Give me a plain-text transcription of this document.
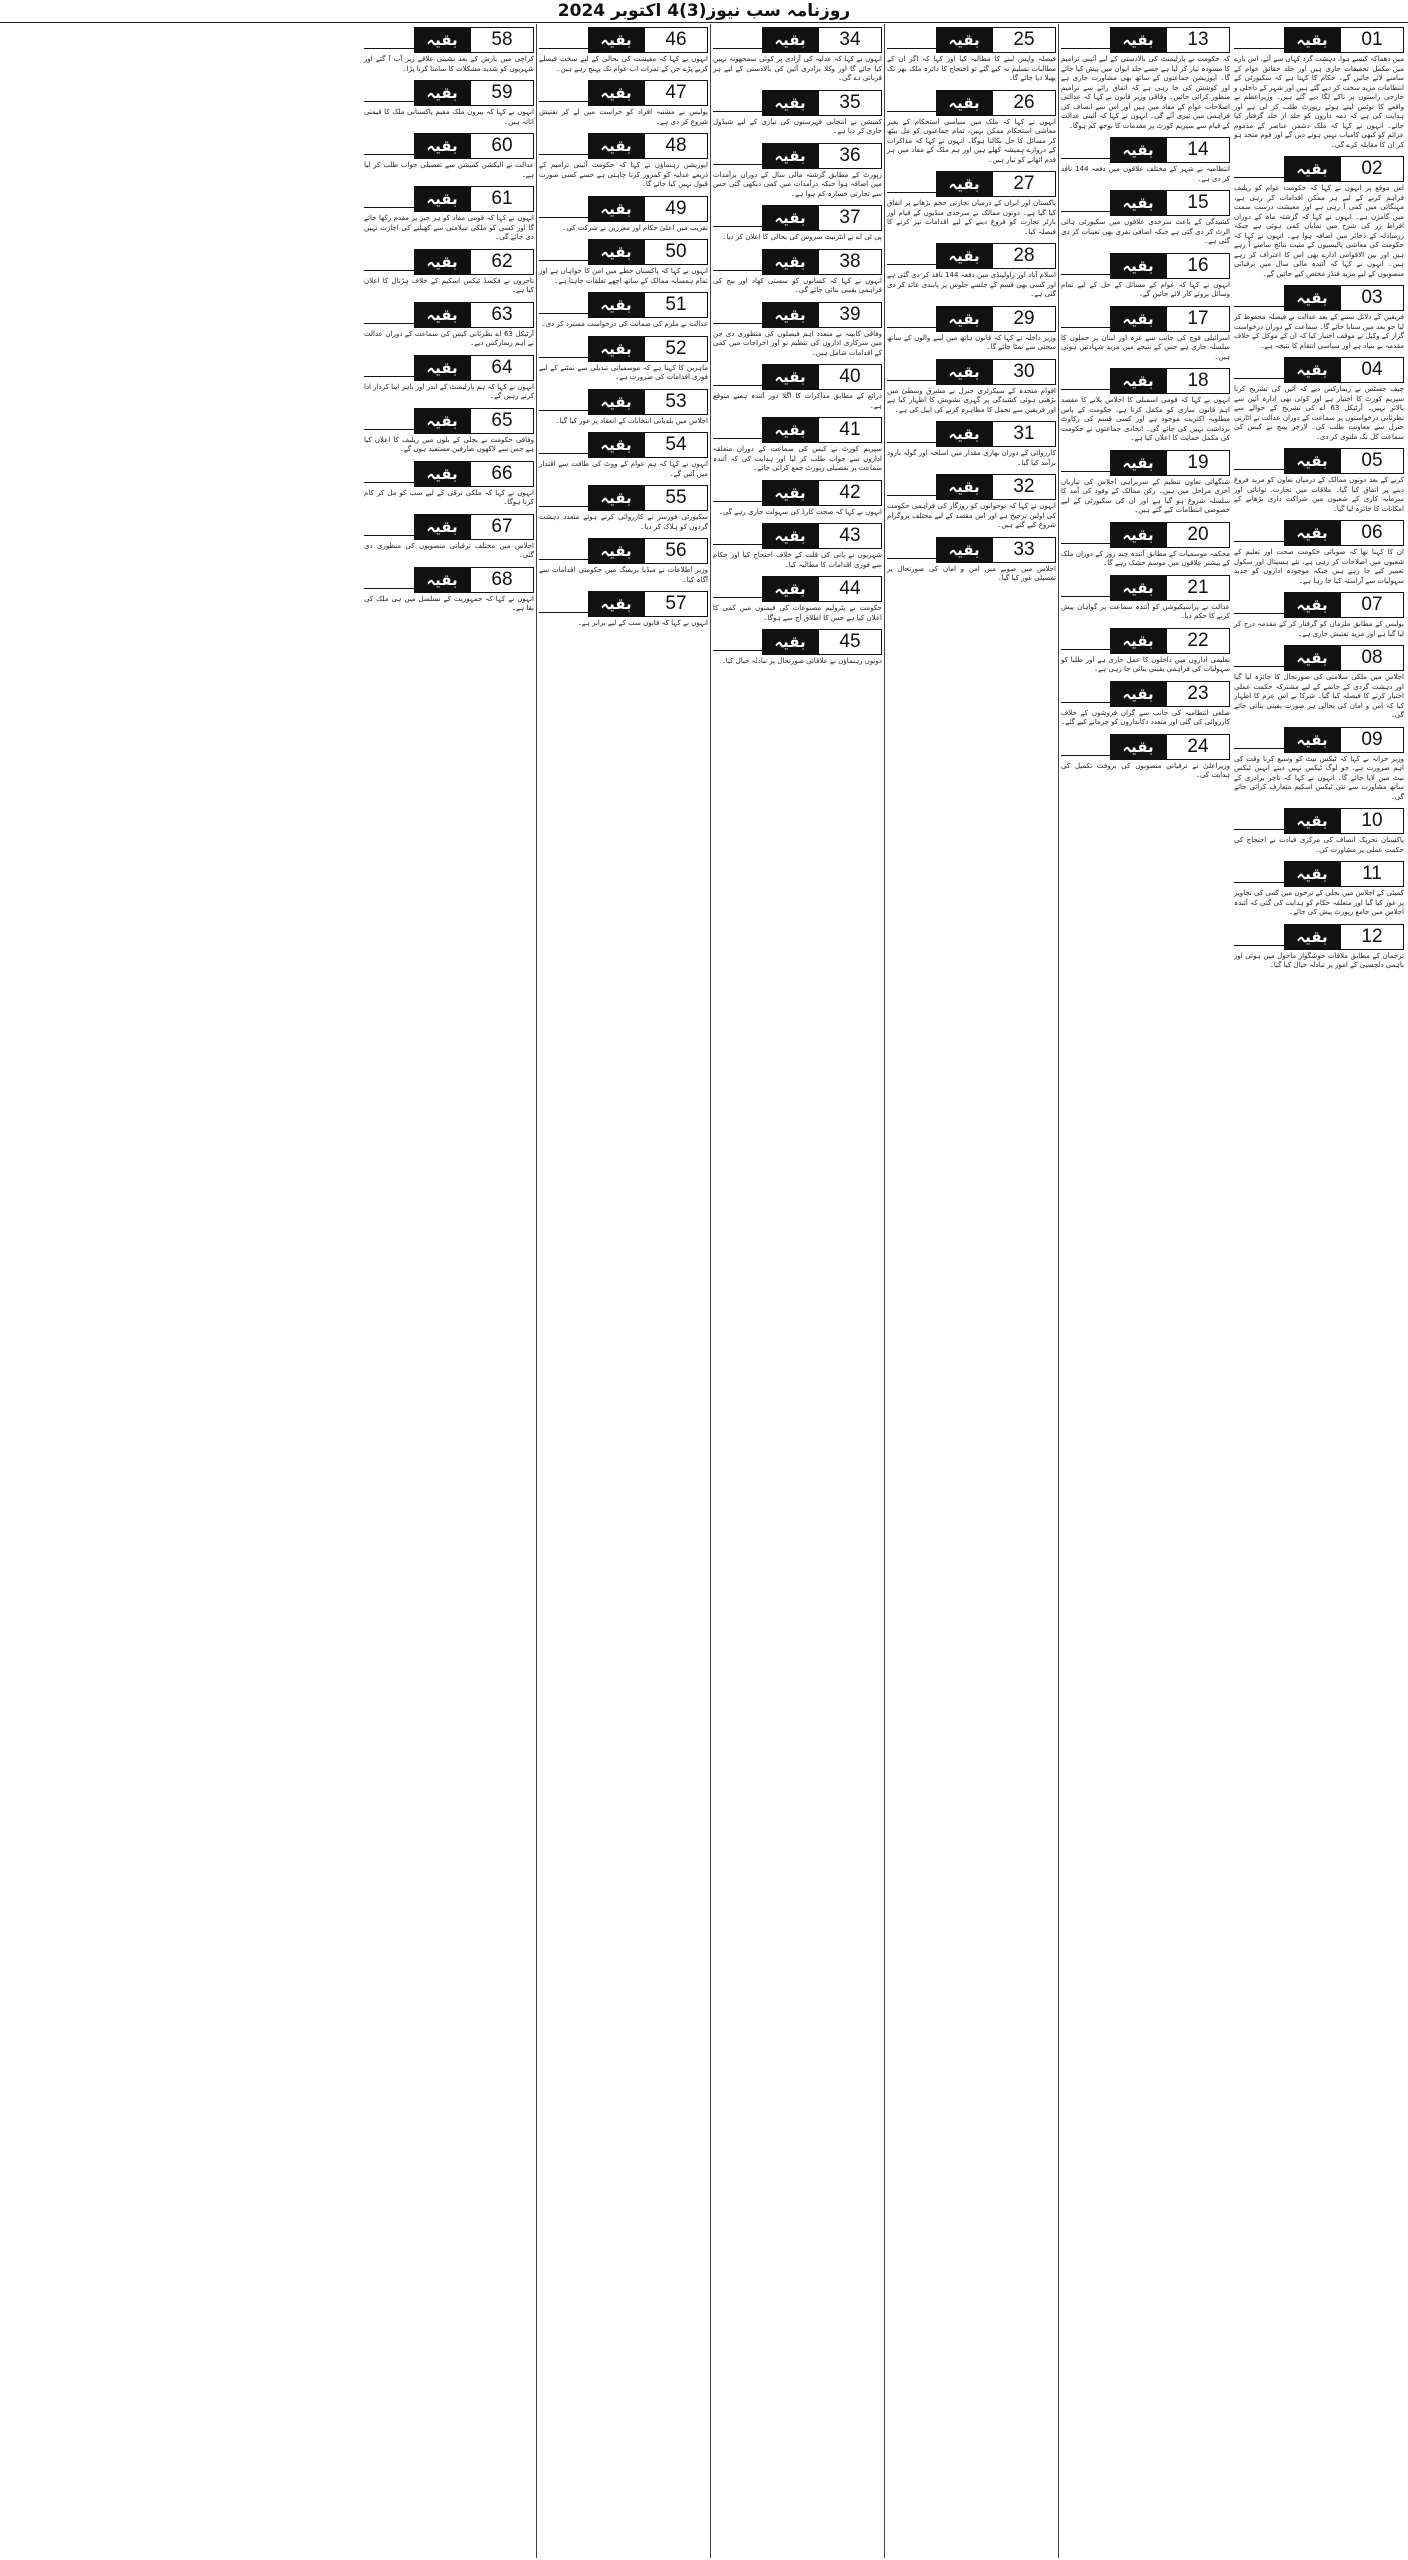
روزنامہ سب نیوز(3)4 اکتوبر 2024
01
بقیہ
میں دھماکہ کیسے ہوا، دہشت گرد کہاں سے آئے، اس بارے میں مکمل تحقیقات جاری ہیں اور جلد حقائق عوام کے سامنے لائے جائیں گے۔ حکام کا کہنا ہے کہ سکیورٹی کے انتظامات مزید سخت کر دیے گئے ہیں اور شہر کے داخلی و خارجی راستوں پر ناکے لگا دیے گئے ہیں۔ وزیراعظم نے واقعے کا نوٹس لیتے ہوئے رپورٹ طلب کر لی ہے اور ہدایت کی ہے کہ ذمہ داروں کو جلد از جلد گرفتار کیا جائے۔ انہوں نے کہا کہ ملک دشمن عناصر کے مذموم عزائم کو کبھی کامیاب نہیں ہونے دیں گے اور قوم متحد ہو کر ان کا مقابلہ کرے گی۔
02
بقیہ
اس موقع پر انہوں نے کہا کہ حکومت عوام کو ریلیف فراہم کرنے کے لیے ہر ممکن اقدامات کر رہی ہے، مہنگائی میں کمی آ رہی ہے اور معیشت درست سمت میں گامزن ہے۔ انہوں نے کہا کہ گزشتہ ماہ کے دوران افراط زر کی شرح میں نمایاں کمی ہوئی ہے جبکہ زرمبادلہ کے ذخائر میں اضافہ ہوا ہے۔ انہوں نے کہا کہ حکومت کی معاشی پالیسیوں کے مثبت نتائج سامنے آ رہے ہیں اور بین الاقوامی ادارے بھی اس کا اعتراف کر رہے ہیں۔ انہوں نے کہا کہ آئندہ مالی سال میں ترقیاتی منصوبوں کے لیے مزید فنڈز مختص کیے جائیں گے۔
03
بقیہ
فریقین کے دلائل سننے کے بعد عدالت نے فیصلہ محفوظ کر لیا جو بعد میں سنایا جائے گا۔ سماعت کے دوران درخواست گزار کے وکیل نے موقف اختیار کیا کہ ان کے موکل کے خلاف مقدمہ بے بنیاد ہے اور سیاسی انتقام کا نتیجہ ہے۔
04
بقیہ
چیف جسٹس نے ریمارکس دیے کہ آئین کی تشریح کرنا سپریم کورٹ کا اختیار ہے اور کوئی بھی ادارہ آئین سے بالاتر نہیں۔ آرٹیکل 63 اے کی تشریح کے حوالے سے نظرثانی درخواستوں پر سماعت کے دوران عدالت نے اٹارنی جنرل سے معاونت طلب کی۔ لارجر بینچ نے کیس کی سماعت کل تک ملتوی کر دی۔
05
بقیہ
کرنے کے بعد دونوں ممالک کے درمیان تعاون کو مزید فروغ دینے پر اتفاق کیا گیا۔ ملاقات میں تجارت، توانائی اور سرمایہ کاری کے شعبوں میں شراکت داری بڑھانے کے امکانات کا جائزہ لیا گیا۔
06
بقیہ
ان کا کہنا تھا کہ صوبائی حکومت صحت اور تعلیم کے شعبوں میں اصلاحات کر رہی ہے، نئے ہسپتال اور سکول تعمیر کیے جا رہے ہیں جبکہ موجودہ اداروں کو جدید سہولیات سے آراستہ کیا جا رہا ہے۔
07
بقیہ
پولیس کے مطابق ملزمان کو گرفتار کر کے مقدمہ درج کر لیا گیا ہے اور مزید تفتیش جاری ہے۔
08
بقیہ
اجلاس میں ملکی سلامتی کی صورتحال کا جائزہ لیا گیا اور دہشت گردی کے خاتمے کے لیے مشترکہ حکمت عملی اختیار کرنے کا فیصلہ کیا گیا۔ شرکا نے اس عزم کا اظہار کیا کہ امن و امان کی بحالی ہر صورت یقینی بنائی جائے گی۔
09
بقیہ
وزیر خزانہ نے کہا کہ ٹیکس نیٹ کو وسیع کرنا وقت کی اہم ضرورت ہے، جو لوگ ٹیکس نہیں دیتے انہیں ٹیکس نیٹ میں لایا جائے گا۔ انہوں نے کہا کہ تاجر برادری کے ساتھ مشاورت سے نئی ٹیکس اسکیم متعارف کرائی جائے گی۔
10
بقیہ
پاکستان تحریک انصاف کی مرکزی قیادت نے احتجاج کی حکمت عملی پر مشاورت کی۔
11
بقیہ
کمیٹی کے اجلاس میں بجلی کے نرخوں میں کمی کی تجاویز پر غور کیا گیا اور متعلقہ حکام کو ہدایت کی گئی کہ آئندہ اجلاس میں جامع رپورٹ پیش کی جائے۔
12
بقیہ
ترجمان کے مطابق ملاقات خوشگوار ماحول میں ہوئی اور باہمی دلچسپی کے امور پر تبادلہ خیال کیا گیا۔
13
بقیہ
کہ حکومت نے پارلیمنٹ کی بالادستی کے لیے آئینی ترامیم کا مسودہ تیار کر لیا ہے جسے جلد ایوان میں پیش کیا جائے گا۔ اپوزیشن جماعتوں کے ساتھ بھی مشاورت جاری ہے اور کوشش کی جا رہی ہے کہ اتفاق رائے سے ترامیم منظور کرائی جائیں۔ وفاقی وزیر قانون نے کہا کہ عدالتی اصلاحات عوام کے مفاد میں ہیں اور اس سے انصاف کی فراہمی میں تیزی آئے گی۔ انہوں نے کہا کہ آئینی عدالت کے قیام سے سپریم کورٹ پر مقدمات کا بوجھ کم ہوگا۔
14
بقیہ
انتظامیہ نے شہر کے مختلف علاقوں میں دفعہ 144 نافذ کر دی ہے۔
15
بقیہ
کشیدگی کے باعث سرحدی علاقوں میں سکیورٹی ہائی الرٹ کر دی گئی ہے جبکہ اضافی نفری بھی تعینات کر دی گئی ہے۔
16
بقیہ
انہوں نے کہا کہ عوام کے مسائل کے حل کے لیے تمام وسائل بروئے کار لائے جائیں گے۔
17
بقیہ
اسرائیلی فوج کی جانب سے غزہ اور لبنان پر حملوں کا سلسلہ جاری ہے جس کے نتیجے میں مزید شہادتیں ہوئی ہیں۔
18
بقیہ
انہوں نے کہا کہ قومی اسمبلی کا اجلاس بلانے کا مقصد اہم قانون سازی کو مکمل کرنا ہے، حکومت کے پاس مطلوبہ اکثریت موجود ہے اور کسی قسم کی رکاوٹ برداشت نہیں کی جائے گی۔ اتحادی جماعتوں نے حکومت کی مکمل حمایت کا اعلان کیا ہے۔
19
بقیہ
شنگھائی تعاون تنظیم کے سربراہی اجلاس کی تیاریاں آخری مراحل میں ہیں۔ رکن ممالک کے وفود کی آمد کا سلسلہ شروع ہو گیا ہے اور ان کی سکیورٹی کے لیے خصوصی انتظامات کیے گئے ہیں۔
20
بقیہ
محکمہ موسمیات کے مطابق آئندہ چند روز کے دوران ملک کے بیشتر علاقوں میں موسم خشک رہے گا۔
21
بقیہ
عدالت نے پراسیکیوشن کو آئندہ سماعت پر گواہان پیش کرنے کا حکم دیا۔
22
بقیہ
تعلیمی اداروں میں داخلوں کا عمل جاری ہے اور طلبا کو سہولیات کی فراہمی یقینی بنائی جا رہی ہے۔
23
بقیہ
ضلعی انتظامیہ کی جانب سے گراں فروشوں کے خلاف کارروائی کی گئی اور متعدد دکانداروں کو جرمانے کیے گئے۔
24
بقیہ
وزیراعلیٰ نے ترقیاتی منصوبوں کی بروقت تکمیل کی ہدایت کی۔
25
بقیہ
فیصلہ واپس لینے کا مطالبہ کیا اور کہا کہ اگر ان کے مطالبات تسلیم نہ کیے گئے تو احتجاج کا دائرہ ملک بھر تک پھیلا دیا جائے گا۔
26
بقیہ
انہوں نے کہا کہ ملک میں سیاسی استحکام کے بغیر معاشی استحکام ممکن نہیں، تمام جماعتوں کو مل بیٹھ کر مسائل کا حل نکالنا ہوگا۔ انہوں نے کہا کہ مذاکرات کے دروازے ہمیشہ کھلے ہیں اور ہم ملک کے مفاد میں ہر قدم اٹھانے کو تیار ہیں۔
27
بقیہ
پاکستان اور ایران کے درمیان تجارتی حجم بڑھانے پر اتفاق کیا گیا ہے۔ دونوں ممالک نے سرحدی منڈیوں کے قیام اور بارٹر تجارت کو فروغ دینے کے لیے اقدامات تیز کرنے کا فیصلہ کیا۔
28
بقیہ
اسلام آباد اور راولپنڈی میں دفعہ 144 نافذ کر دی گئی ہے اور کسی بھی قسم کے جلسے جلوس پر پابندی عائد کر دی گئی ہے۔
29
بقیہ
وزیر داخلہ نے کہا کہ قانون ہاتھ میں لینے والوں کے ساتھ سختی سے نمٹا جائے گا۔
30
بقیہ
اقوام متحدہ کے سیکرٹری جنرل نے مشرق وسطیٰ میں بڑھتی ہوئی کشیدگی پر گہری تشویش کا اظہار کیا ہے اور فریقین سے تحمل کا مظاہرہ کرنے کی اپیل کی ہے۔
31
بقیہ
کارروائی کے دوران بھاری مقدار میں اسلحہ اور گولہ بارود برآمد کیا گیا۔
32
بقیہ
انہوں نے کہا کہ نوجوانوں کو روزگار کی فراہمی حکومت کی اولین ترجیح ہے اور اس مقصد کے لیے مختلف پروگرام شروع کیے گئے ہیں۔
33
بقیہ
اجلاس میں صوبے میں امن و امان کی صورتحال پر تفصیلی غور کیا گیا۔
34
بقیہ
انہوں نے کہا کہ عدلیہ کی آزادی پر کوئی سمجھوتہ نہیں کیا جائے گا اور وکلا برادری آئین کی بالادستی کے لیے ہر قربانی دے گی۔
35
بقیہ
کمیشن نے انتخابی فہرستوں کی تیاری کے لیے شیڈول جاری کر دیا ہے۔
36
بقیہ
رپورٹ کے مطابق گزشتہ مالی سال کے دوران برآمدات میں اضافہ ہوا جبکہ درآمدات میں کمی دیکھی گئی جس سے تجارتی خسارہ کم ہوا ہے۔
37
بقیہ
پی ٹی اے نے انٹرنیٹ سروس کی بحالی کا اعلان کر دیا۔
38
بقیہ
انہوں نے کہا کہ کسانوں کو سستی کھاد اور بیج کی فراہمی یقینی بنائی جائے گی۔
39
بقیہ
وفاقی کابینہ نے متعدد اہم فیصلوں کی منظوری دی جن میں سرکاری اداروں کی تنظیم نو اور اخراجات میں کمی کے اقدامات شامل ہیں۔
40
بقیہ
ذرائع کے مطابق مذاکرات کا اگلا دور آئندہ ہفتے متوقع ہے۔
41
بقیہ
سپریم کورٹ نے کیس کی سماعت کے دوران متعلقہ اداروں سے جواب طلب کر لیا اور ہدایت کی کہ آئندہ سماعت پر تفصیلی رپورٹ جمع کرائی جائے۔
42
بقیہ
انہوں نے کہا کہ صحت کارڈ کی سہولت جاری رہے گی۔
43
بقیہ
شہریوں نے پانی کی قلت کے خلاف احتجاج کیا اور حکام سے فوری اقدامات کا مطالبہ کیا۔
44
بقیہ
حکومت نے پٹرولیم مصنوعات کی قیمتوں میں کمی کا اعلان کیا ہے جس کا اطلاق آج سے ہوگا۔
45
بقیہ
دونوں رہنماؤں نے علاقائی صورتحال پر تبادلہ خیال کیا۔
46
بقیہ
انہوں نے کہا کہ معیشت کی بحالی کے لیے سخت فیصلے کرنے پڑے جن کے ثمرات اب عوام تک پہنچ رہے ہیں۔
47
بقیہ
پولیس نے مشتبہ افراد کو حراست میں لے کر تفتیش شروع کر دی ہے۔
48
بقیہ
اپوزیشن رہنماؤں نے کہا کہ حکومت آئینی ترامیم کے ذریعے عدلیہ کو کمزور کرنا چاہتی ہے جسے کسی صورت قبول نہیں کیا جائے گا۔
49
بقیہ
تقریب میں اعلیٰ حکام اور معززین نے شرکت کی۔
50
بقیہ
انہوں نے کہا کہ پاکستان خطے میں امن کا خواہاں ہے اور تمام ہمسایہ ممالک کے ساتھ اچھے تعلقات چاہتا ہے۔
51
بقیہ
عدالت نے ملزم کی ضمانت کی درخواست مسترد کر دی۔
52
بقیہ
ماہرین کا کہنا ہے کہ موسمیاتی تبدیلی سے نمٹنے کے لیے فوری اقدامات کی ضرورت ہے۔
53
بقیہ
اجلاس میں بلدیاتی انتخابات کے انعقاد پر غور کیا گیا۔
54
بقیہ
انہوں نے کہا کہ ہم عوام کے ووٹ کی طاقت سے اقتدار میں آئیں گے۔
55
بقیہ
سکیورٹی فورسز نے کارروائی کرتے ہوئے متعدد دہشت گردوں کو ہلاک کر دیا۔
56
بقیہ
وزیر اطلاعات نے میڈیا بریفنگ میں حکومتی اقدامات سے آگاہ کیا۔
57
بقیہ
انہوں نے کہا کہ قانون سب کے لیے برابر ہے۔
58
بقیہ
کراچی میں بارش کے بعد نشیبی علاقے زیر آب آ گئے اور شہریوں کو شدید مشکلات کا سامنا کرنا پڑا۔
59
بقیہ
انہوں نے کہا کہ بیرون ملک مقیم پاکستانی ملک کا قیمتی اثاثہ ہیں۔
60
بقیہ
عدالت نے الیکشن کمیشن سے تفصیلی جواب طلب کر لیا ہے۔
61
بقیہ
انہوں نے کہا کہ قومی مفاد کو ہر چیز پر مقدم رکھا جائے گا اور کسی کو ملکی سلامتی سے کھیلنے کی اجازت نہیں دی جائے گی۔
62
بقیہ
تاجروں نے فکسڈ ٹیکس اسکیم کے خلاف ہڑتال کا اعلان کیا ہے۔
63
بقیہ
آرٹیکل 63 اے نظرثانی کیس کی سماعت کے دوران عدالت نے اہم ریمارکس دیے۔
64
بقیہ
انہوں نے کہا کہ ہم پارلیمنٹ کے اندر اور باہر اپنا کردار ادا کرتے رہیں گے۔
65
بقیہ
وفاقی حکومت نے بجلی کے بلوں میں ریلیف کا اعلان کیا ہے جس سے لاکھوں صارفین مستفید ہوں گے۔
66
بقیہ
انہوں نے کہا کہ ملکی ترقی کے لیے سب کو مل کر کام کرنا ہوگا۔
67
بقیہ
اجلاس میں مختلف ترقیاتی منصوبوں کی منظوری دی گئی۔
68
بقیہ
انہوں نے کہا کہ جمہوریت کے تسلسل میں ہی ملک کی بقا ہے۔
